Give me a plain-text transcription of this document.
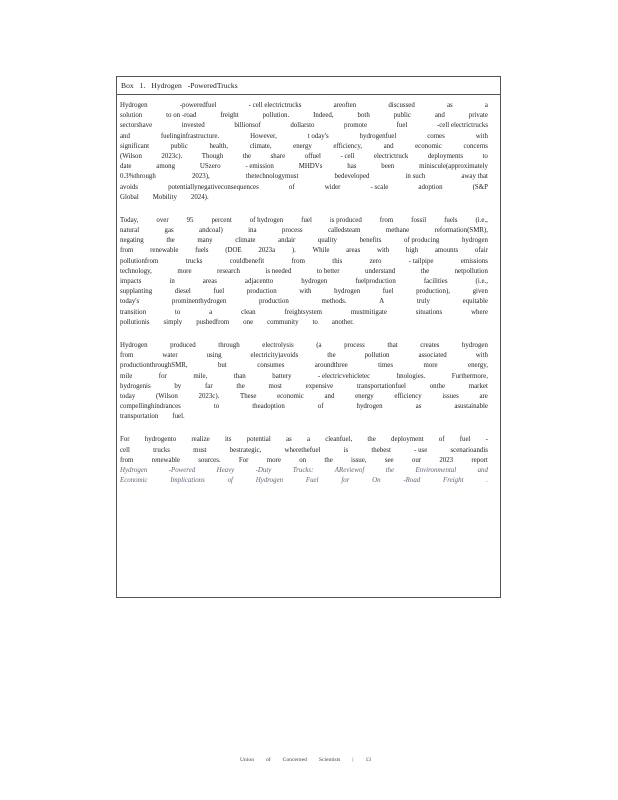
Box 1. Hydrogen -PoweredTrucks
Hydrogen	-poweredfuel	- cell electrictrucks	areoften	discussed	as	a
solution	to on -road	freight	pollution.	Indeed,	both	public	and	private
sectorshave	invested	billionsof	dollarsto	promote	fuel	-cell electrictrucks
and	fuelinginfrastructure.	However,	t oday's	hydrogenfuel	comes	with
significant	public	health,	climate,	energy	efficiency,	and	economic	concerns
(Wilson	2023c).	Though	the	share	offuel	- cell	electrictruck	deployments	to
date	among	USzero	- emission	MHDVs	has	been	miniscule(approximately
0.3%through	2023),	thetechnologymust	bedeveloped	in such	away that
avoids	potentiallynegativeconsequences	of	wider	- scale	adoption	(S&P
Global Mobility 2024).
Today,	over	95	percent	of hydrogen	fuel	is produced	from	fossil	fuels	(i.e.,
natural	gas	andcoal)	ina	process	calledsteam	methane	reformation(SMR),
negating	the	many	climate	andair	quality	benefits	of producing	hydrogen
from renewable fuels (DOE 2023a ). While areas with high amounts ofair
pollutionfrom	trucks	couldbenefit	from	this	zero	- tailpipe	emissions
technology,	more	research	is needed	to better	understand	the	netpollution
impacts	in	areas	adjacentto	hydrogen	fuelproduction	facilities	(i.e.,
supplanting	diesel	fuel	production	with	hydrogen	fuel	production),	given
today's	prominenthydrogen	production	methods.	A	truly	equitable
transition	to	a	clean	freightsystem	mustmitigate	situations	where
pollutionis simply pushedfrom one community to another.
Hydrogen	produced	through	electrolysis	(a	process	that	creates	hydrogen
from	water	using	electricity)avoids	the	pollution	associated	with
productionthroughSMR,	but	consumes	aroundthree	times	more	energy,
mile	for	mile,	than	battery	- electricvehicletec	hnologies.	Furthermore,
hydrogenis	by	far	the	most	expensive	transportationfuel	onthe	market
today	(Wilson	2023c).	These	economic	and	energy	efficiency	issues	are
compellinghindrances	to	theadoption	of	hydrogen	as	asustainable
transportation fuel.
For hydrogento realize its potential as a cleanfuel, the deployment of fuel -
cell	trucks	must	bestrategic,	wherethefuel	is	thebest	- use	scenarioandis
from	renewable	sources.	For	more	on	the	issue,	see	our	2023	report
Hydrogen	-Powered	Heavy	-Duty	Trucks:	AReviewof	the	Environmental	and
Economic	Implications	of	Hydrogen	Fuel	for	On	-Road	Freight	.
Union of Concerned Scientists | 13
